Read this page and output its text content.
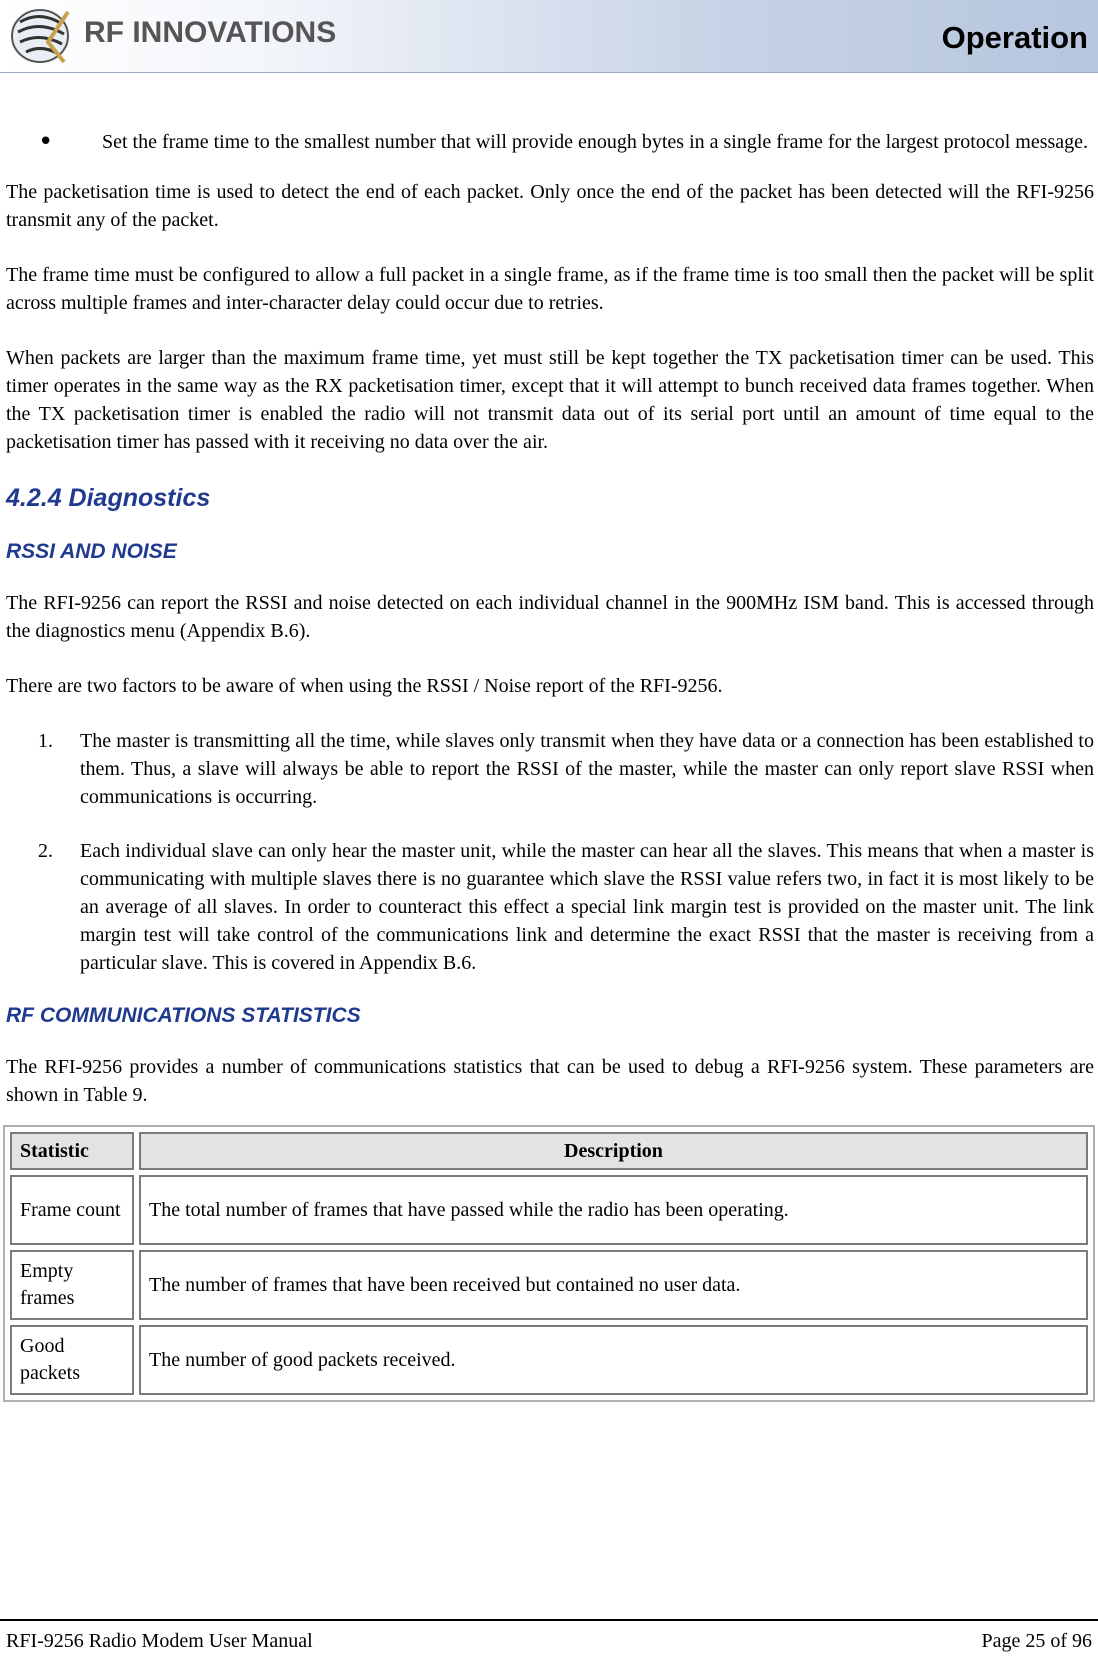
RF INNOVATIONS	Operation
• Set the frame time to the smallest number that will provide enough bytes in a single frame for the largest protocol message.

The packetisation time is used to detect the end of each packet. Only once the end of the packet has been detected will the RFI-9256 transmit any of the packet.

The frame time must be configured to allow a full packet in a single frame, as if the frame time is too small then the packet will be split across multiple frames and inter-character delay could occur due to retries.

When packets are larger than the maximum frame time, yet must still be kept together the TX packetisation timer can be used. This timer operates in the same way as the RX packetisation timer, except that it will attempt to bunch received data frames together. When the TX packetisation timer is enabled the radio will not transmit data out of its serial port until an amount of time equal to the packetisation timer has passed with it receiving no data over the air.

4.2.4 Diagnostics
RSSI AND NOISE

The RFI-9256 can report the RSSI and noise detected on each individual channel in the 900MHz ISM band. This is accessed through the diagnostics menu (Appendix B.6).

There are two factors to be aware of when using the RSSI / Noise report of the RFI-9256.

1. The master is transmitting all the time, while slaves only transmit when they have data or a connection has been established to them. Thus, a slave will always be able to report the RSSI of the master, while the master can only report slave RSSI when communications is occurring.
2. Each individual slave can only hear the master unit, while the master can hear all the slaves. This means that when a master is communicating with multiple slaves there is no guarantee which slave the RSSI value refers two, in fact it is most likely to be an average of all slaves. In order to counteract this effect a special link margin test is provided on the master unit. The link margin test will take control of the communications link and determine the exact RSSI that the master is receiving from a particular slave. This is covered in Appendix B.6.
RF COMMUNICATIONS STATISTICS

The RFI-9256 provides a number of communications statistics that can be used to debug a RFI-9256 system. These parameters are shown in Table 9.

Statistic	Description
Frame count	The total number of frames that have passed while the radio has been operating.
Empty frames	The number of frames that have been received but contained no user data.
Good packets	The number of good packets received.
RFI-9256 Radio Modem User Manual	Page 25 of 96
